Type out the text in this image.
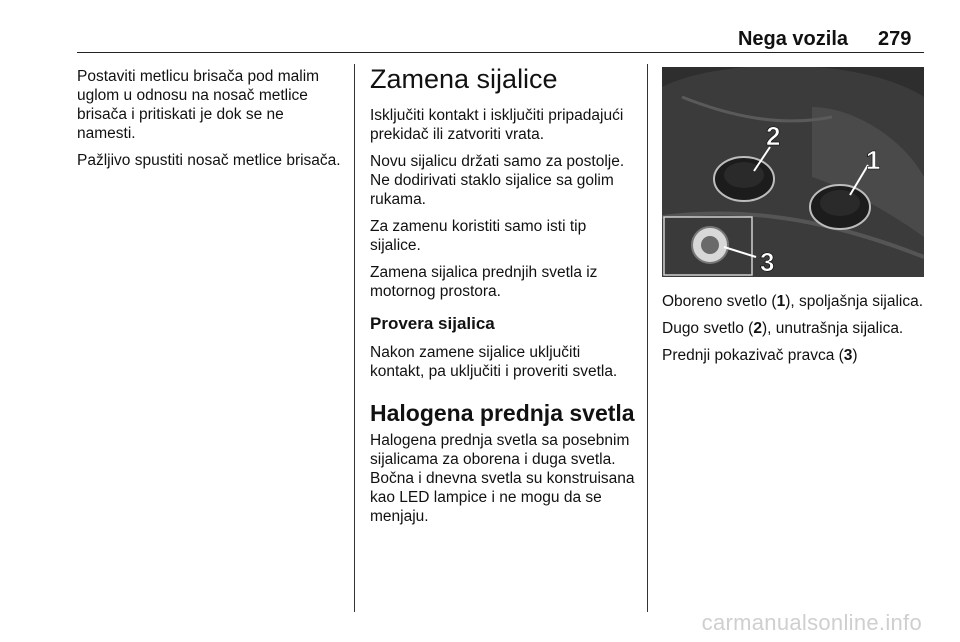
Nega vozila 279

Postaviti metlicu brisača pod malim uglom u odnosu na nosač metlice brisača i pritiskati je dok se ne namesti.

Pažljivo spustiti nosač metlice brisača.

Zamena sijalice

Isključiti kontakt i isključiti pripadajući prekidač ili zatvoriti vrata.

Novu sijalicu držati samo za postolje. Ne dodirivati staklo sijalice sa golim rukama.

Za zamenu koristiti samo isti tip sijalice.

Zamena sijalica prednjih svetla iz motornog prostora.

Provera sijalica

Nakon zamene sijalice uključiti kontakt, pa uključiti i proveriti svetla.

Halogena prednja svetla

Halogena prednja svetla sa posebnim sijalicama za oborena i duga svetla. Bočna i dnevna svetla su konstruisana kao LED lampice i ne mogu da se menjaju.

2
1
3

Oboreno svetlo (1), spoljašnja sijalica.

Dugo svetlo (2), unutrašnja sijalica.

Prednji pokazivač pravca (3)

carmanualsonline.info
